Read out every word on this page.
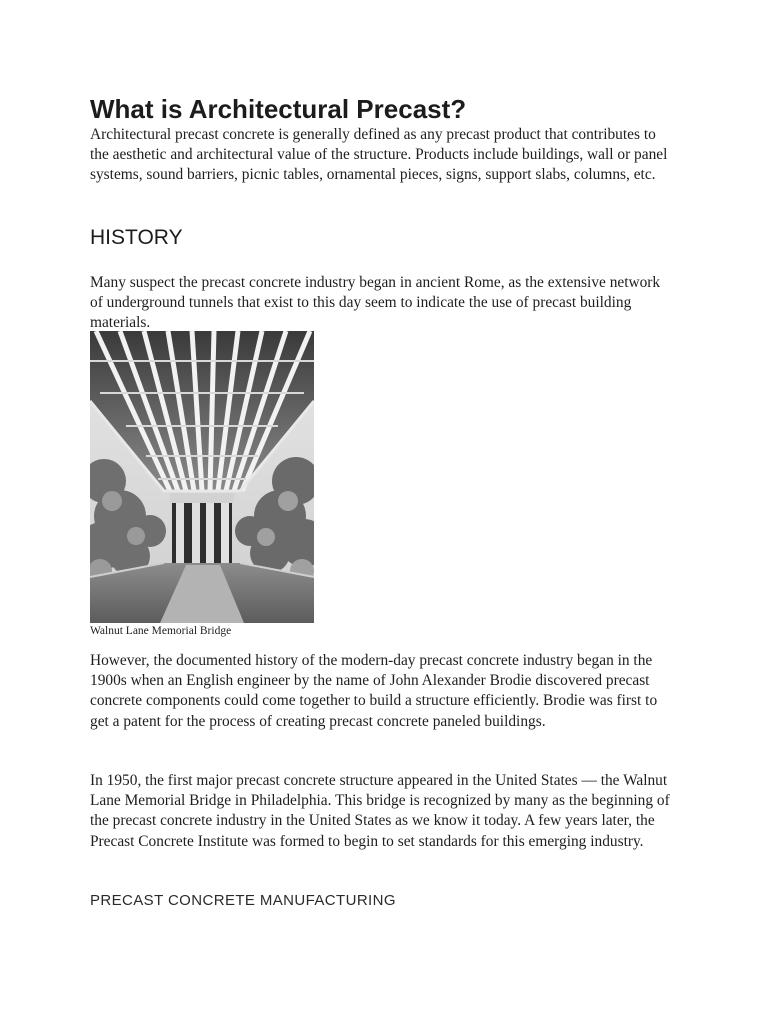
What is Architectural Precast?

Architectural precast concrete is generally defined as any precast product that contributes to the aesthetic and architectural value of the structure. Products include buildings, wall or panel systems, sound barriers, picnic tables, ornamental pieces, signs, support slabs, columns, etc.

HISTORY

Many suspect the precast concrete industry began in ancient Rome, as the extensive network of underground tunnels that exist to this day seem to indicate the use of precast building materials.

Walnut Lane Memorial Bridge

However, the documented history of the modern-day precast concrete industry began in the 1900s when an English engineer by the name of John Alexander Brodie discovered precast concrete components could come together to build a structure efficiently. Brodie was first to get a patent for the process of creating precast concrete paneled buildings.

In 1950, the first major precast concrete structure appeared in the United States — the Walnut Lane Memorial Bridge in Philadelphia. This bridge is recognized by many as the beginning of the precast concrete industry in the United States as we know it today. A few years later, the Precast Concrete Institute was formed to begin to set standards for this emerging industry.

PRECAST CONCRETE MANUFACTURING
